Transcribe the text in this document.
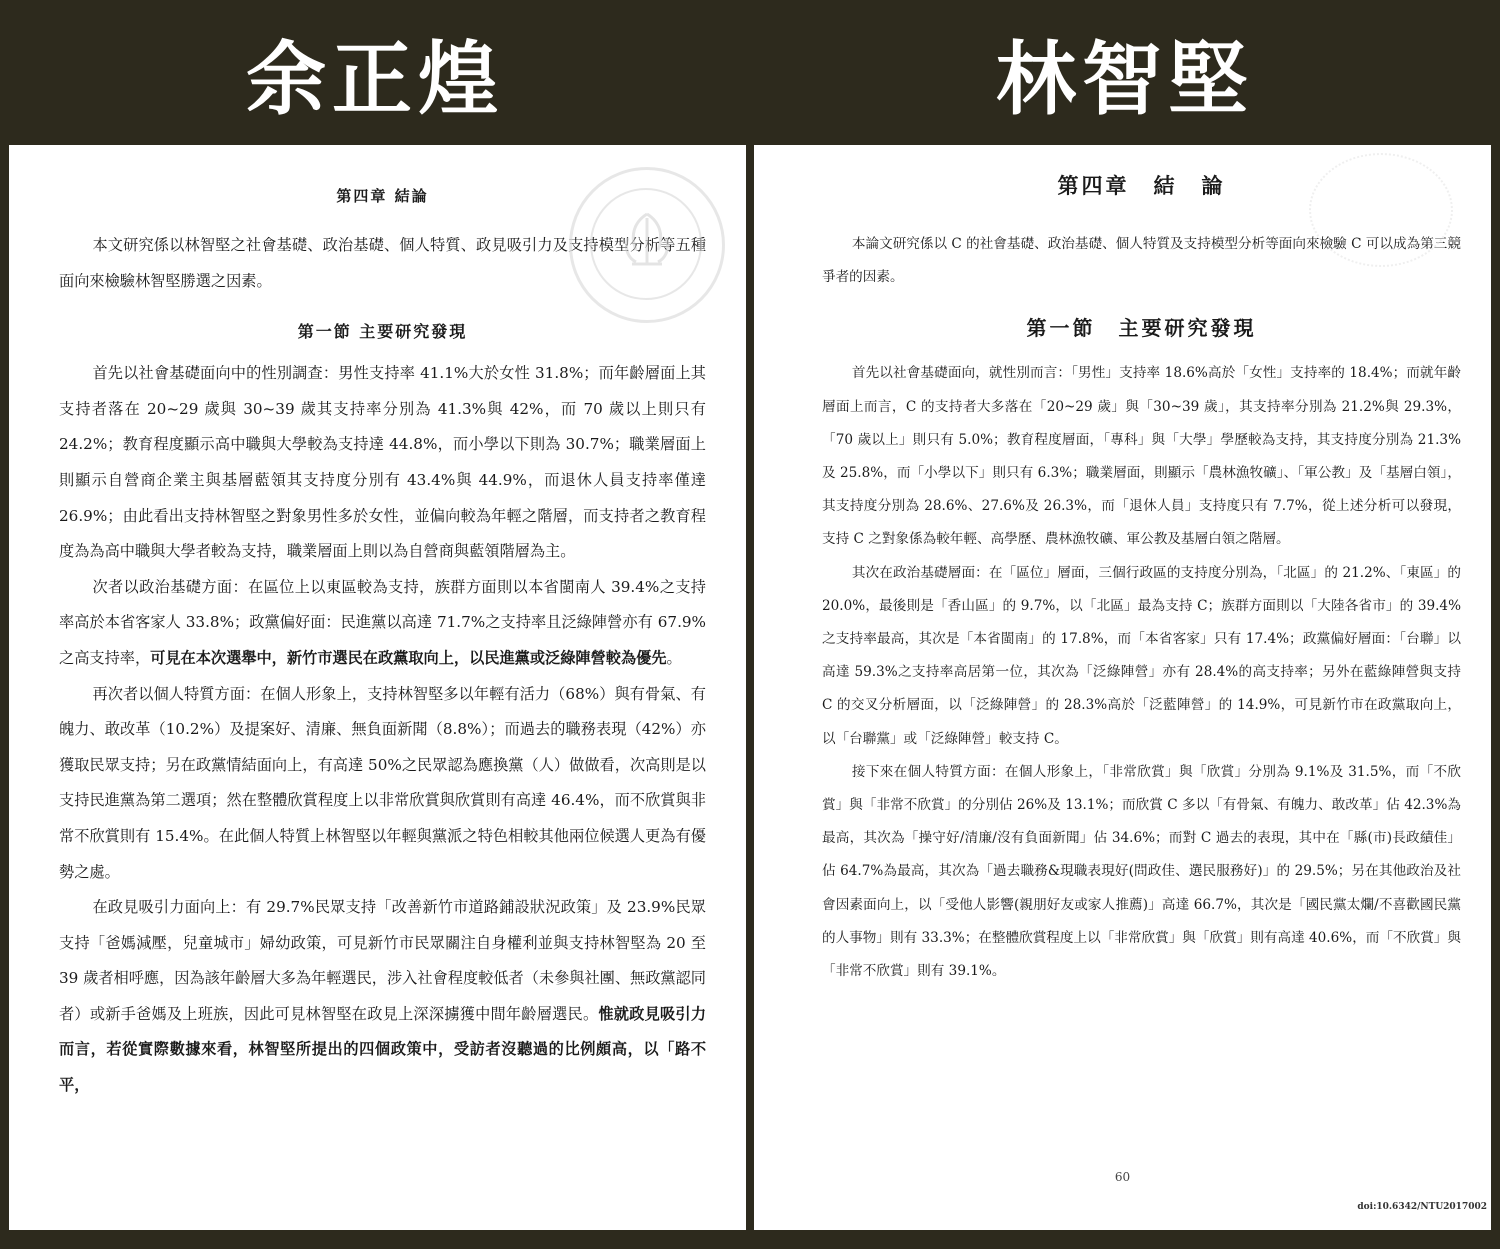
余正煌	林智堅
第四章 結論

本文研究係以林智堅之社會基礎、政治基礎、個人特質、政見吸引力及支持模型分析等五種面向來檢驗林智堅勝選之因素。

第一節 主要研究發現

首先以社會基礎面向中的性別調查：男性支持率 41.1%大於女性 31.8%；而年齡層面上其支持者落在 20~29 歲與 30~39 歲其支持率分別為 41.3%與 42%，而 70 歲以上則只有 24.2%；教育程度顯示高中職與大學較為支持達 44.8%，而小學以下則為 30.7%；職業層面上則顯示自營商企業主與基層藍領其支持度分別有 43.4%與 44.9%，而退休人員支持率僅達 26.9%；由此看出支持林智堅之對象男性多於女性，並偏向較為年輕之階層，而支持者之教育程度為為高中職與大學者較為支持，職業層面上則以為自營商與藍領階層為主。

次者以政治基礎方面：在區位上以東區較為支持，族群方面則以本省閩南人 39.4%之支持率高於本省客家人 33.8%；政黨偏好面：民進黨以高達 71.7%之支持率且泛綠陣營亦有 67.9%之高支持率，可見在本次選舉中，新竹市選民在政黨取向上，以民進黨或泛綠陣營較為優先。

再次者以個人特質方面：在個人形象上，支持林智堅多以年輕有活力（68%）與有骨氣、有魄力、敢改革（10.2%）及提案好、清廉、無負面新聞（8.8%）；而過去的職務表現（42%）亦獲取民眾支持；另在政黨情結面向上，有高達 50%之民眾認為應換黨（人）做做看，次高則是以支持民進黨為第二選項；然在整體欣賞程度上以非常欣賞與欣賞則有高達 46.4%，而不欣賞與非常不欣賞則有 15.4%。在此個人特質上林智堅以年輕與黨派之特色相較其他兩位候選人更為有優勢之處。

在政見吸引力面向上：有 29.7%民眾支持「改善新竹市道路鋪設狀況政策」及 23.9%民眾支持「爸媽減壓，兒童城市」婦幼政策，可見新竹市民眾關注自身權利並與支持林智堅為 20 至 39 歲者相呼應，因為該年齡層大多為年輕選民，涉入社會程度較低者（未參與社團、無政黨認同者）或新手爸媽及上班族，因此可見林智堅在政見上深深擄獲中間年齡層選民。惟就政見吸引力而言，若從實際數據來看，林智堅所提出的四個政策中，受訪者沒聽過的比例頗高，以「路不平，

第四章　結　論

本論文研究係以 C 的社會基礎、政治基礎、個人特質及支持模型分析等面向來檢驗 C 可以成為第三競爭者的因素。

第一節　主要研究發現

首先以社會基礎面向，就性別而言：「男性」支持率 18.6%高於「女性」支持率的 18.4%；而就年齡層面上而言，C 的支持者大多落在「20~29 歲」與「30~39 歲」，其支持率分別為 21.2%與 29.3%，「70 歲以上」則只有 5.0%；教育程度層面，「專科」與「大學」學歷較為支持，其支持度分別為 21.3%及 25.8%，而「小學以下」則只有 6.3%；職業層面，則顯示「農林漁牧礦」、「軍公教」及「基層白領」，其支持度分別為 28.6%、27.6%及 26.3%，而「退休人員」支持度只有 7.7%，從上述分析可以發現，支持 C 之對象係為較年輕、高學歷、農林漁牧礦、軍公教及基層白領之階層。

其次在政治基礎層面：在「區位」層面，三個行政區的支持度分別為，「北區」的 21.2%、「東區」的 20.0%，最後則是「香山區」的 9.7%，以「北區」最為支持 C；族群方面則以「大陸各省市」的 39.4%之支持率最高，其次是「本省閩南」的 17.8%，而「本省客家」只有 17.4%；政黨偏好層面：「台聯」以高達 59.3%之支持率高居第一位，其次為「泛綠陣營」亦有 28.4%的高支持率；另外在藍綠陣營與支持 C 的交叉分析層面，以「泛綠陣營」的 28.3%高於「泛藍陣營」的 14.9%，可見新竹市在政黨取向上，以「台聯黨」或「泛綠陣營」較支持 C。

接下來在個人特質方面：在個人形象上，「非常欣賞」與「欣賞」分別為 9.1%及 31.5%，而「不欣賞」與「非常不欣賞」的分別佔 26%及 13.1%；而欣賞 C 多以「有骨氣、有魄力、敢改革」佔 42.3%為最高，其次為「操守好/清廉/沒有負面新聞」佔 34.6%；而對 C 過去的表現，其中在「縣(市)長政績佳」佔 64.7%為最高，其次為「過去職務&現職表現好(問政佳、選民服務好)」的 29.5%；另在其他政治及社會因素面向上，以「受他人影響(親朋好友或家人推薦)」高達 66.7%，其次是「國民黨太爛/不喜歡國民黨的人事物」則有 33.3%；在整體欣賞程度上以「非常欣賞」與「欣賞」則有高達 40.6%，而「不欣賞」與「非常不欣賞」則有 39.1%。

60
doi:10.6342/NTU2017002
